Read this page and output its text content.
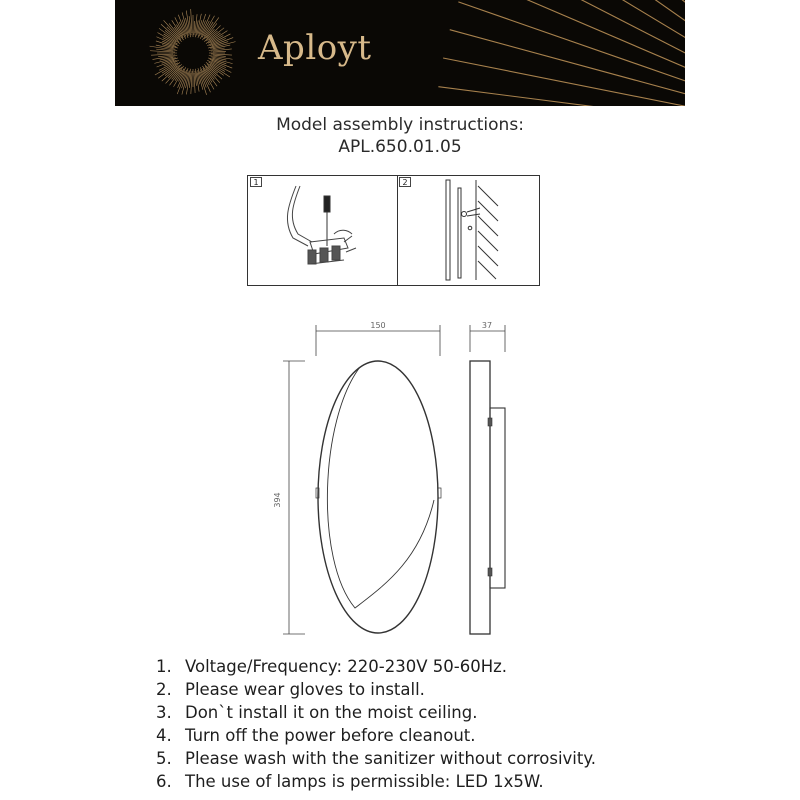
Aployt
Model assembly instructions:
APL.650.01.05
1	2
150	37
394
1. Voltage/Frequency: 220-230V 50-60Hz.
2. Please wear gloves to install.
3. Don`t install it on the moist ceiling.
4. Turn off the power before cleanout.
5. Please wash with the sanitizer without corrosivity.
6. The use of lamps is permissible: LED 1x5W.
